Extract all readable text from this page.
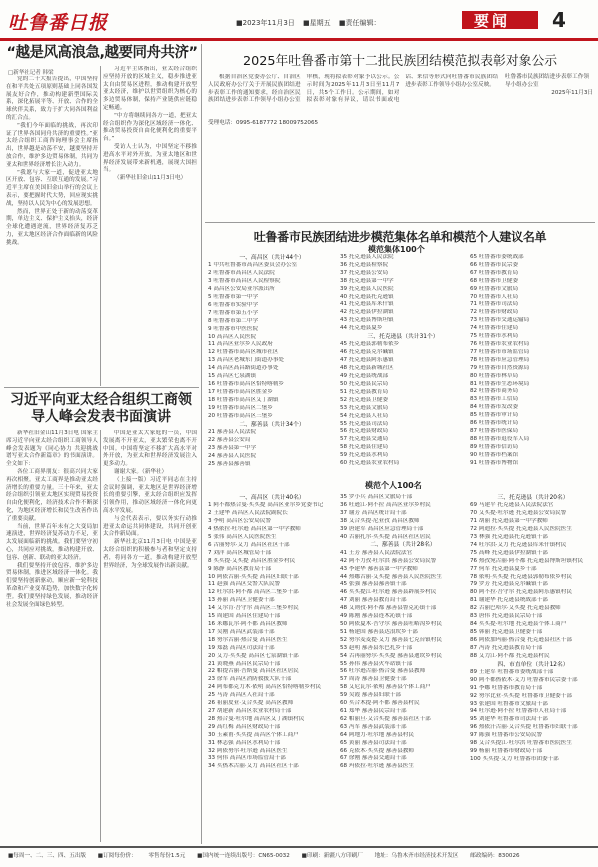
吐鲁番日报	■2023年11月3日 ■星期五 ■责任编辑：	要闻 4
“越是风高浪急,越要同舟共济”
□新华社记者 韩梁

党的二十大报告提出，中国坚持在和平共处五项原则基础上同各国发展友好合作，推动构建新型国际关系，深化拓展平等、开放、合作的全球伙伴关系，致力于扩大同各国利益的汇合点。

“我们今年面临的挑战，再次印证了世界各国同舟共济的重要性。”亚太经合组织工商咨询理事会主席指出，世界越是动荡不安，越要坚持开放合作，维护多边贸易体制，共同为亚太和世界经济增长注入动力。

“我愿与大家一道，促进亚太地区开放、包容、互联互通的发展。”习近平主席在美国旧金山举行的会议上表示，要把握时代大势，回应现实挑战，坚持以人民为中心的发展思想。

然而，世界正处于新的动荡变革期，单边主义、保护主义抬头，经济全球化遭遇逆流，世界经济复苏乏力，亚太地区经济合作面临新的风险挑战。

习近平主席指出，亚太经合组织应坚持开放的区域主义，稳步推进亚太自由贸易区进程，推动构建开放型亚太经济，维护以世贸组织为核心的多边贸易体制，保持产业链供应链稳定畅通。

“中方将继续同各方一道，把亚太经合组织作为深化区域经济一体化、推动贸易投资自由化便利化的重要平台。”

受访人士认为，中国坚定不移推进高水平对外开放，为亚太地区和世界经济发展带来新机遇，展现大国担当。

（新华社旧金山11月3日电）

习近平向亚太经合组织工商领导人峰会发表书面演讲

新华社旧金山11月3日电 国家主席习近平向亚太经合组织工商领导人峰会发表题为《同心协力 共迎挑战 谱写亚太合作新篇章》的书面演讲。全文如下：

各位工商界朋友：很高兴同大家再次相聚。亚太工商界是推动亚太经济增长的重要力量。三十年来，亚太经合组织引领亚太地区实现贸易投资自由化便利化，经济技术合作不断深化，为地区经济增长和民生改善作出了重要贡献。

当前，世界百年未有之大变局加速演进，世界经济复苏动力不足，亚太发展面临新的挑战。我们要坚守初心，共同应对挑战，推动构建开放、包容、创新、联动的亚太经济。

我们要坚持开放包容，维护多边贸易体制，推进区域经济一体化。我们要坚持创新驱动，顺应新一轮科技革命和产业变革趋势，加快数字化转型。我们要坚持绿色发展，推动经济社会发展全面绿色转型。

中国是亚太大家庭的一员，中国发展离不开亚太，亚太繁荣也离不开中国。中国将坚定不移扩大高水平对外开放，为亚太和世界经济发展注入更多动力。

谢谢大家。（新华社）

（上接一版）习近平同志在主持会议时强调，亚太地区是世界经济增长的重要引擎，亚太经合组织应发挥引领作用，推动区域经济一体化向更高水平发展。

与会代表表示，要以务实行动推进亚太命运共同体建设，共同开创亚太合作新局面。

新华社北京11月3日电 中国是亚太经合组织的积极参与者和坚定支持者，将同各方一道，推动构建开放型世界经济，为全球发展作出新贡献。

2025年吐鲁番市第十二批民族团结模范拟表彰对象公示
根据自治区党委办公厅、自治区人民政府办公厅关于开展民族团结进步表彰工作的通知要求，经自治区民族团结进步表彰工作领导小组办公室审核，现将拟表彰对象予以公示。公示时间为2025年11月3日至11月7日，共5个工作日。公示期间，如对拟表彰对象有异议，请以书面或电话、来信等形式向吐鲁番市民族团结进步表彰工作领导小组办公室反映。
受理电话：0995-6187772 18009752065
吐鲁番市民族团结进步表彰工作领导小组办公室
2025年11月3日
吐鲁番市民族团结进步模范集体名单和模范个人建议名单
模范集体100个
一、高昌区（共计44个）
1 中共吐鲁番市高昌区委员会办公室
2 吐鲁番市高昌区人民法院
3 吐鲁番市高昌区人民检察院
4 高昌区公安局亚尔派出所
5 吐鲁番市第一中学
6 吐鲁番市实验中学
7 吐鲁番市第五小学
8 吐鲁番市第二中学
9 吐鲁番市中医医院
10 高昌区人民医院
11 高昌区亚尔乡人民政府
12 吐鲁番市高昌区城市社区
13 高昌区老城东门街道办事处
14 高昌区高昌路街道办事处
15 高昌区七泉湖镇
16 吐鲁番市高昌区恰特喀勒乡
17 吐鲁番市高昌区胜金乡
18 吐鲁番市高昌区艾丁湖镇
19 吐鲁番市高昌区二堡乡
20 吐鲁番市高昌区三堡乡
二、鄯善县（共计34个）
21 鄯善县人民法院
22 鄯善县公安局
23 鄯善县第一中学
24 鄯善县人民医院
25 鄯善县鄯善镇
35 托克逊县人民法院
36 托克逊县检察院
37 托克逊县公安局
38 托克逊县第一中学
39 托克逊县人民医院
40 托克逊县托克逊镇
41 托克逊县库米什镇
42 托克逊县伊拉湖镇
43 托克逊县博斯坦镇
44 托克逊县夏乡
三、托克逊县（共计31个）
45 托克逊县郭勒布依乡
46 托克逊县克尔碱镇
47 托克逊县阿乐惠镇
48 托克逊县新城社区
49 托克逊县统战部
50 托克逊县民宗局
51 托克逊县教育局
52 托克逊县卫健委
53 托克逊县文旅局
54 托克逊县人社局
55 托克逊县司法局
56 托克逊县财政局
57 托克逊县交通局
58 托克逊县住建局
59 托克逊县水利局
60 托克逊县农业农村局
65 吐鲁番市委统战部
66 吐鲁番市民宗委
67 吐鲁番市教育局
68 吐鲁番市卫健委
69 吐鲁番市文旅局
70 吐鲁番市人社局
71 吐鲁番市司法局
72 吐鲁番市财政局
73 吐鲁番市交通运输局
74 吐鲁番市住建局
75 吐鲁番市水利局
76 吐鲁番市农业农村局
77 吐鲁番市市场监管局
78 吐鲁番市应急管理局
79 吐鲁番市自然资源局
80 吐鲁番市林草局
81 吐鲁番市生态环境局
82 吐鲁番市商务局
83 吐鲁番市工信局
84 吐鲁番市发改委
85 吐鲁番市审计局
86 吐鲁番市统计局
87 吐鲁番市医保局
88 吐鲁番市退役军人局
89 吐鲁番市信访局
90 吐鲁番市档案馆
91 吐鲁番市博物馆
模范个人100名
一、高昌区（共计40名）
1 阿不都热合曼·买买提 高昌区亚尔乡党委书记
2 王建华 高昌区人民法院副院长
3 李明 高昌区公安局民警
4 热依拉·吐尔逊 高昌区第一中学教师
5 张伟 高昌区人民医院医生
6 古丽努尔·艾力 高昌区社区干部
7 刘洋 高昌区城管局干部
8 买买提·艾买提 高昌区胜金乡村民
9 陈静 高昌区教育局干部
10 阿依古丽·买买提 高昌区妇联干部
11 赵强 高昌区交警大队民警
12 吐尔洪·阿不都 高昌区二堡乡干部
13 孙丽 高昌区卫健委干部
14 艾尔肯·吾守尔 高昌区三堡乡村民
15 周建国 高昌区住建局干部
16 米娜瓦尔·阿不都 高昌区教师
17 吴刚 高昌区武装部干部
18 努尔古丽·热合曼 高昌区医生
19 郑磊 高昌区司法局干部
20 艾力·买买提 高昌区七泉湖镇干部
21 黄晓燕 高昌区民宗局干部
22 帕提古丽·吾斯曼 高昌区社区居民
23 徐军 高昌区消防救援大队干部
24 阿布都克力木·依明 高昌区恰特喀勒乡村民
25 马涛 高昌区人社局干部
26 祖丽皮亚·艾合买提 高昌区教师
27 胡建新 高昌区农业农村局干部
28 热合曼·吐尔地 高昌区艾丁湖镇村民
29 高红梅 高昌区财政局干部
30 玉素甫·买买提 高昌区个体工商户
31 林志强 高昌区水利局干部
32 阿依努尔·吐尔逊 高昌区医生
33 何伟 高昌区市场监管局干部
34 买热木古丽·艾力 高昌区社区干部
35 罗小兵 高昌区文旅局干部
36 吐逊江·阿不拉 高昌区亚尔乡村民
37 谢芳 高昌区统计局干部
38 艾合买提·尼亚孜 高昌区教师
39 唐建军 高昌区应急管理局干部
40 古丽扎尔·买买提 高昌区社区居民
二、鄯善县（共计28名）
41 王芳 鄯善县人民法院法官
42 阿不力孜·吐尔洪 鄯善县公安局民警
43 李建华 鄯善县第一中学教师
44 热娜古丽·艾买提 鄯善县人民医院医生
45 张强 鄯善县鄯善镇干部
46 买买提江·吐尔逊 鄯善县辟展乡村民
47 刘丽 鄯善县教育局干部
48 艾则孜·阿不都 鄯善县鲁克沁镇干部
49 陈刚 鄯善县连木沁镇干部
50 阿依夏木·吾守尔 鄯善县吐峪沟乡村民
51 杨建国 鄯善县达浪坎乡干部
52 努尔麦麦提·艾力 鄯善县七克台镇村民
53 赵明 鄯善县东巴扎乡干部
54 古再丽努尔·买买提 鄯善县迪坎乡村民
55 孙伟 鄯善县火车站镇干部
56 吐尔逊古丽·热合曼 鄯善县教师
57 周涛 鄯善县卫健委干部
58 艾尼瓦尔·依明 鄯善县个体工商户
59 吴霞 鄯善县妇联干部
60 买合木提·阿不都 鄯善县村民
61 郑华 鄯善县民宗局干部
62 帕丽旦·艾合买提 鄯善县社区干部
63 冯军 鄯善县武装部干部
64 阿地力·吐尔地 鄯善县村民
65 黄丽 鄯善县司法局干部
66 克依木·买买提 鄯善县教师
67 徐刚 鄯善县交通局干部
68 玛依拉·吐尔逊 鄯善县医生
三、托克逊县（共计20名）
69 马建平 托克逊县人民法院法官
70 艾买提·吐尔逊 托克逊县公安局民警
71 胡丽 托克逊县第一中学教师
72 阿迪拉·买买提 托克逊县人民医院医生
73 林强 托克逊县托克逊镇干部
74 吐尔洪·艾力 托克逊县库米什镇村民
75 高峰 托克逊县伊拉湖镇干部
76 热孜宛古丽·阿不都 托克逊县博斯坦镇村民
77 何军 托克逊县夏乡干部
78 依明·买买提 托克逊县郭勒布依乡村民
79 罗芳 托克逊县克尔碱镇干部
80 阿不拉·吾守尔 托克逊县阿乐惠镇村民
81 谢建华 托克逊县统战部干部
82 古丽巴哈尔·艾买提 托克逊县教师
83 唐伟 托克逊县民宗局干部
84 买买提·吐尔地 托克逊县个体工商户
85 韩丽 托克逊县卫健委干部
86 阿依加玛丽·热合曼 托克逊县社区干部
87 冯涛 托克逊县教育局干部
88 艾力江·阿不都 托克逊县村民
四、市直单位（共计12名）
89 王建军 吐鲁番市委统战部干部
90 阿不都热依木·艾力 吐鲁番市民宗委干部
91 李娜 吐鲁番市教育局干部
92 努尔比亚·买买提 吐鲁番市卫健委干部
93 张建国 吐鲁番市文旅局干部
94 吐尔逊·阿不拉 吐鲁番市人社局干部
95 刘建华 吐鲁番市司法局干部
96 热依汗古丽·艾合买提 吐鲁番市妇联干部
97 陈强 吐鲁番市公安局民警
98 艾合买提江·吐尔洪 吐鲁番市医院医生
99 杨丽 吐鲁番市财政局干部
100 买买提·艾力 吐鲁番市团委干部
■每周一、二、三、四、五出版 ■订阅每份价： 零售每份1.5元 ■国内统一连续出版号：CN65-0032 ■印刷：新疆八方印刷厂 地址：乌鲁木齐市经济技术开发区 邮政编码：830026
